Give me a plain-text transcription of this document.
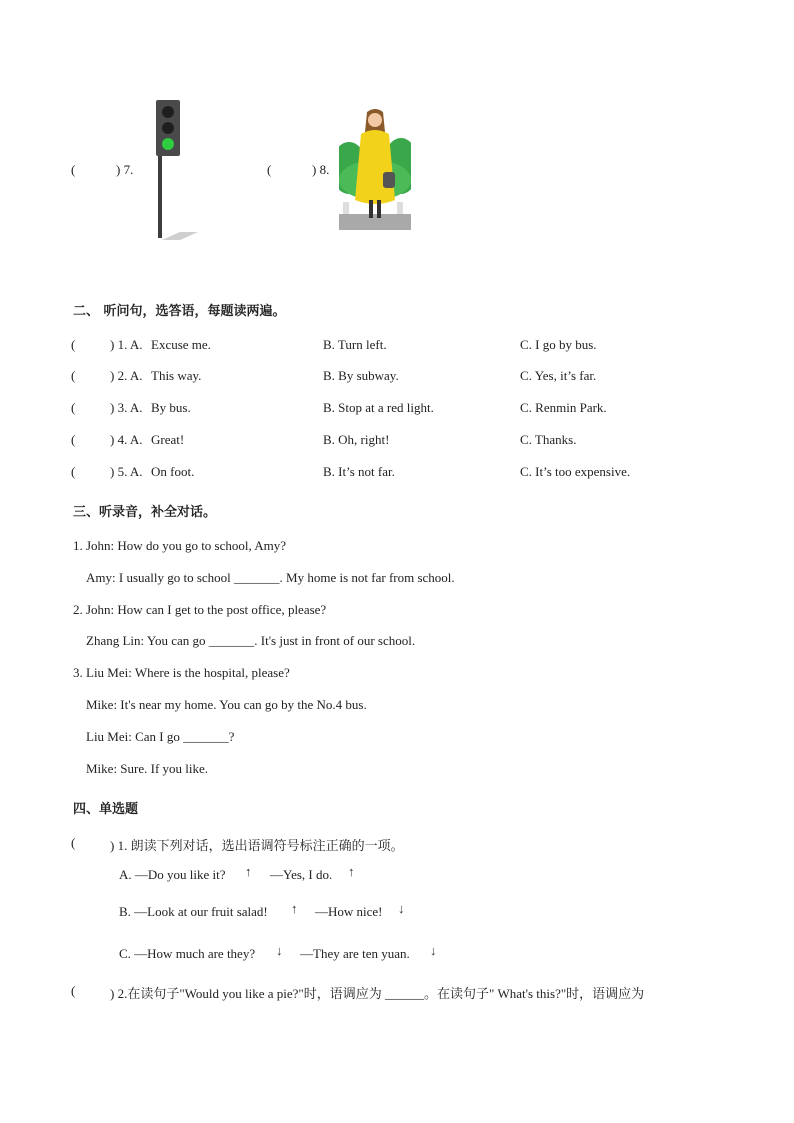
(	) 7.	(	) 8.
二、 听问句，选答语，每题读两遍。
(	) 1. A. Excuse me.	B. Turn left.	C. I go by bus.
(	) 2. A. This way.	B. By subway.	C. Yes, it’s far.
(	) 3. A. By bus.	B. Stop at a red light.	C. Renmin Park.
(	) 4. A. Great!	B. Oh, right!	C. Thanks.
(	) 5. A. On foot.	B. It’s not far.	C. It’s too expensive.
三、听录音，补全对话。
1. John: How do you go to school, Amy?
Amy: I usually go to school _______. My home is not far from school.
2. John: How can I get to the post office, please?
Zhang Lin: You can go _______. It's just in front of our school.
3. Liu Mei: Where is the hospital, please?
Mike: It's near my home. You can go by the No.4 bus.
Liu Mei: Can I go _______?
Mike: Sure. If you like.
四、单选题
(	) 1. 朗读下列对话，选出语调符号标注正确的一项。
A. —Do you like it? ↑ —Yes, I do. ↑
B. —Look at our fruit salad! ↑ —How nice! ↓
C. —How much are they? ↓ —They are ten yuan. ↓
(	) 2.在读句子"Would you like a pie?"时，语调应为 ______。在读句子" What's this?"时，语调应为
